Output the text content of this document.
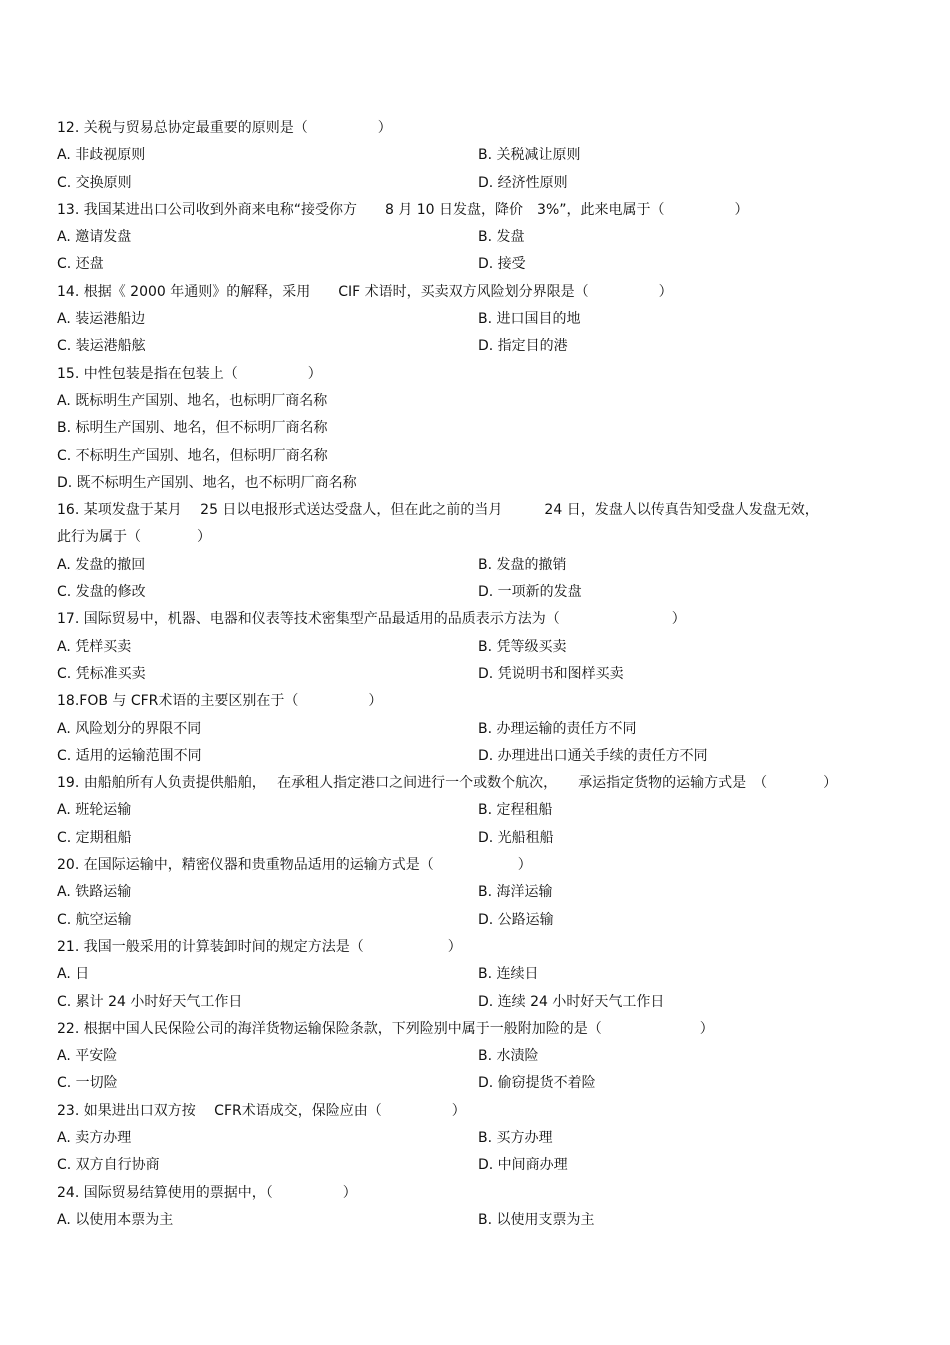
12. 关税与贸易总协定最重要的原则是（　　　　　）
A. 非歧视原则	B. 关税减让原则
C. 交换原则	D. 经济性原则
13. 我国某进出口公司收到外商来电称“接受你方　　8 月 10 日发盘，降价　3%”，此来电属于（　　　　　）
A. 邀请发盘	B. 发盘
C. 还盘	D. 接受
14. 根据《 2000 年通则》的解释，采用　　CIF 术语时，买卖双方风险划分界限是（　　　　　）
A. 装运港船边	B. 进口国目的地
C. 装运港船舷	D. 指定目的港
15. 中性包装是指在包装上（　　　　　）
A. 既标明生产国别、地名，也标明厂商名称
B. 标明生产国别、地名，但不标明厂商名称
C. 不标明生产国别、地名，但标明厂商名称
D. 既不标明生产国别、地名，也不标明厂商名称
16. 某项发盘于某月　 25 日以电报形式送达受盘人，但在此之前的当月　　　24 日，发盘人以传真告知受盘人发盘无效，
此行为属于（　　　　）
A. 发盘的撤回	B. 发盘的撤销
C. 发盘的修改	D. 一项新的发盘
17. 国际贸易中，机器、电器和仪表等技术密集型产品最适用的品质表示方法为（　　　　　　　　）
A. 凭样买卖	B. 凭等级买卖
C. 凭标准买卖	D. 凭说明书和图样买卖
18.FOB 与 CFR术语的主要区别在于（　　　　　）
A. 风险划分的界限不同	B. 办理运输的责任方不同
C. 适用的运输范围不同	D. 办理进出口通关手续的责任方不同
19. 由船舶所有人负责提供船舶，　 在承租人指定港口之间进行一个或数个航次，　　承运指定货物的运输方式是　（　　　　）
A. 班轮运输	B. 定程租船
C. 定期租船	D. 光船租船
20. 在国际运输中，精密仪器和贵重物品适用的运输方式是（　　　　　　）
A. 铁路运输	B. 海洋运输
C. 航空运输	D. 公路运输
21. 我国一般采用的计算装卸时间的规定方法是（　　　　　　）
A. 日	B. 连续日
C. 累计 24 小时好天气工作日	D. 连续 24 小时好天气工作日
22. 根据中国人民保险公司的海洋货物运输保险条款，下列险别中属于一般附加险的是（　　　　　　　）
A. 平安险	B. 水渍险
C. 一切险	D. 偷窃提货不着险
23. 如果进出口双方按　 CFR术语成交，保险应由（　　　　　）
A. 卖方办理	B. 买方办理
C. 双方自行协商	D. 中间商办理
24. 国际贸易结算使用的票据中，（　　　　　）
A. 以使用本票为主	B. 以使用支票为主
